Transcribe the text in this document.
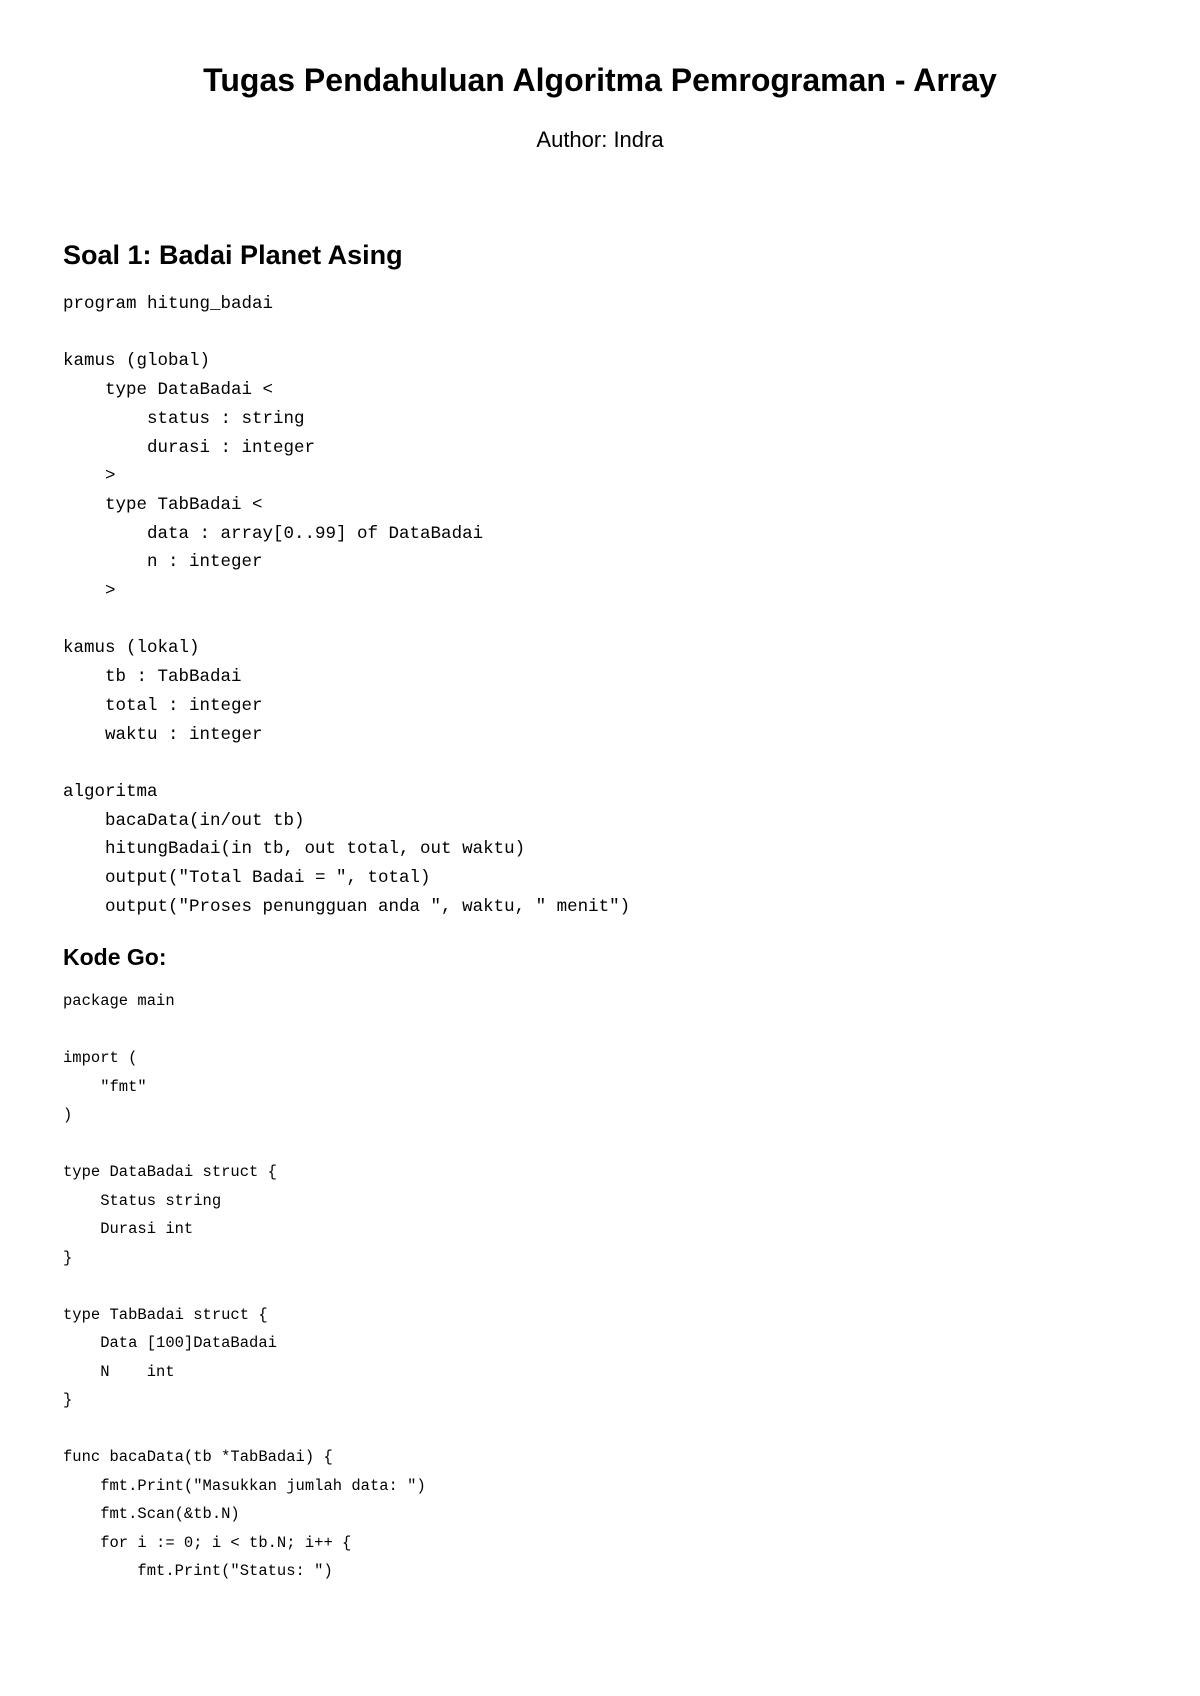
Tugas Pendahuluan Algoritma Pemrograman - Array
Author: Indra
Soal 1: Badai Planet Asing
program hitung_badai

kamus (global)
type DataBadai <
status : string
durasi : integer
>
type TabBadai <
data : array[0..99] of DataBadai
n : integer
>

kamus (lokal)
tb : TabBadai
total : integer
waktu : integer

algoritma
bacaData(in/out tb)
hitungBadai(in tb, out total, out waktu)
output("Total Badai = ", total)
output("Proses penungguan anda ", waktu, " menit")
Kode Go:
package main

import (
"fmt"
)

type DataBadai struct {
Status string
Durasi int
}

type TabBadai struct {
Data [100]DataBadai
N    int
}

func bacaData(tb *TabBadai) {
fmt.Print("Masukkan jumlah data: ")
fmt.Scan(&tb.N)
for i := 0; i < tb.N; i++ {
fmt.Print("Status: ")
